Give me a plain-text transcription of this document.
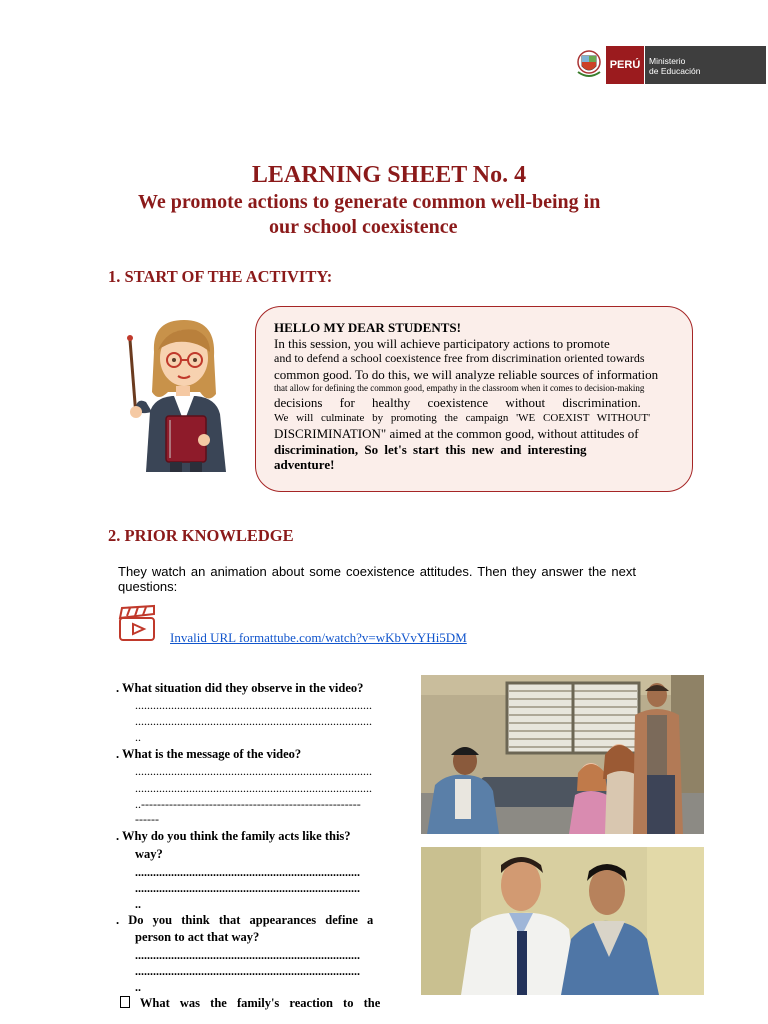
PERÚ	Ministerio
de Educación
LEARNING SHEET No. 4
We promote actions to generate common well-being in
our school coexistence
1. START OF THE ACTIVITY:
HELLO MY DEAR STUDENTS!
In this session, you will achieve participatory actions to promote
and to defend a school coexistence free from discrimination oriented towards
common good. To do this, we will analyze reliable sources of information
that allow for defining the common good, empathy in the classroom when it comes to decision-making
decisions for healthy coexistence without discrimination.
We will culminate by promoting the campaign 'WE COEXIST WITHOUT'
DISCRIMINATION" aimed at the common good, without attitudes of
discrimination, So let's start this new and interesting
adventure!
2. PRIOR KNOWLEDGE
They watch an animation about some coexistence attitudes. Then they answer the next questions:
Invalid URL formattube.com/watch?v=wKbVvYHi5DM
. What situation did they observe in the video?
...............................................................................
...............................................................................
..
. What is the message of the video?
...............................................................................
...............................................................................
..-------------------------------------------------------
------
. Why do you think the family acts like this?
way?
...........................................................................
...........................................................................
..
. Do you think that appearances define a
person to act that way?
...........................................................................
...........................................................................
..
What was the family's reaction to the
